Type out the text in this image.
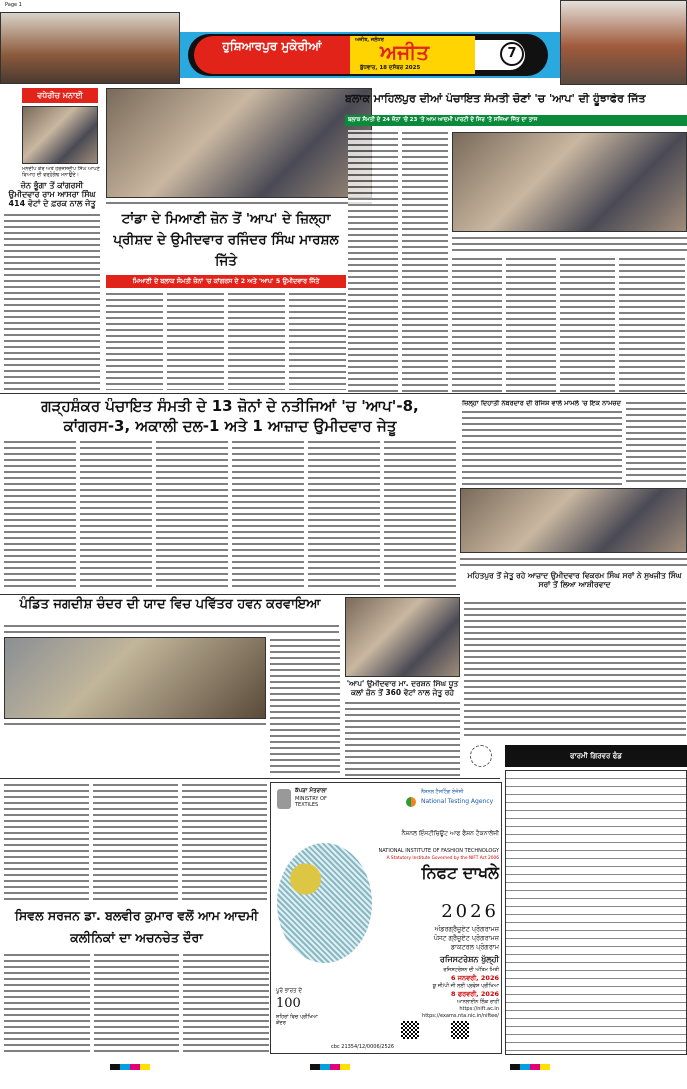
Page 1
ਹੁਸ਼ਿਆਰਪੁਰ ਮੁਕੇਰੀਆਂ	ਅਜੀਤ, ਜਲੰਧਰ
ਅਜੀਤ
ਬੁੱਧਵਾਰ, 18 ਦਸੰਬਰ 2025
7
ਵਧੇਰੀਚ ਮਨਾਈ
ਮਨਦੀਪ ਕੌਰ ਅਤੇ ਹਰਜਸਦੀਪ ਸਿੰਘ ਆਪਣੇ ਵਿਆਹ ਦੀ ਵਰ੍ਹੇਗੰਢ ਮਨਾਉਂਦੇ।
ਜ਼ੋਨ ਭੂੰਗਾ ਤੋਂ ਕਾਂਗਰਸੀ ਉਮੀਦਵਾਰ ਰਾਮ ਆਸਰਾ ਸਿੰਘ 414 ਵੋਟਾਂ ਦੇ ਫ਼ਰਕ ਨਾਲ ਜੇਤੂ
ਟਾਂਡਾ ਦੇ ਮਿਆਣੀ ਜ਼ੋਨ ਤੋਂ 'ਆਪ' ਦੇ ਜ਼ਿਲ੍ਹਾ ਪ੍ਰੀਸ਼ਦ ਦੇ ਉਮੀਦਵਾਰ ਰਜਿੰਦਰ ਸਿੰਘ ਮਾਰਸ਼ਲ ਜਿੱਤੇ
ਮਿਆਣੀ ਦੇ ਬਲਾਕ ਸੰਮਤੀ ਜ਼ੋਨਾਂ 'ਚ ਕਾਂਗਰਸ ਦੇ 2 ਅਤੇ 'ਆਪ' 5 ਉਮੀਦਵਾਰ ਜਿੱਤੇ
ਬਲਾਕ ਮਾਹਿਲਪੁਰ ਦੀਆਂ ਪੰਚਾਇਤ ਸੰਮਤੀ ਚੋਣਾਂ 'ਚ 'ਆਪ' ਦੀ ਹੂੰਝਾਫੇਰ ਜਿੱਤ
ਬਲਾਕ ਸੰਮਤੀ ਦੇ 24 ਜ਼ੋਨਾਂ 'ਚੋਂ 23 'ਤੇ ਆਮ ਆਦਮੀ ਪਾਰਟੀ ਦੇ ਸਿਰ 'ਤੇ ਸਜਿਆ ਜਿੱਤ ਦਾ ਤਾਜ
ਗੜ੍ਹਸ਼ੰਕਰ ਪੰਚਾਇਤ ਸੰਮਤੀ ਦੇ 13 ਜ਼ੋਨਾਂ ਦੇ ਨਤੀਜਿਆਂ 'ਚ 'ਆਪ'-8,
ਕਾਂਗਰਸ-3, ਅਕਾਲੀ ਦਲ-1 ਅਤੇ 1 ਆਜ਼ਾਦ ਉਮੀਦਵਾਰ ਜੇਤੂ
ਜ਼ਿਲ੍ਹਾ ਦਿਹਾਤੀ ਨੰਬਰਦਾਰ ਦੀ ਰੰਜਿਸ਼ ਵਾਲੇ ਮਾਮਲੇ 'ਚ ਇਕ ਨਾਮਜ਼ਦ
ਮਹਿਤਪੁਰ ਤੋਂ ਜੇਤੂ ਰਹੇ ਆਜ਼ਾਦ ਉਮੀਦਵਾਰ ਵਿਕਰਮ ਸਿੰਘ ਸਰਾਂ ਨੇ ਸੁਖਜੀਤ ਸਿੰਘ ਸਰਾਂ ਤੋਂ ਲਿਆ ਆਸ਼ੀਰਵਾਦ
ਪੰਡਿਤ ਜਗਦੀਸ਼ ਚੰਦਰ ਦੀ ਯਾਦ ਵਿਚ ਪਵਿੱਤਰ ਹਵਨ ਕਰਵਾਇਆ
'ਆਪ' ਉਮੀਦਵਾਰ ਮਾ. ਦਰਸ਼ਨ ਸਿੰਘ ਧੂਤ ਕਲਾਂ ਜ਼ੋਨ ਤੋਂ 360 ਵੋਟਾਂ ਨਾਲ ਜੇਤੂ ਰਹੇ
ਫਾਰਮੀ ਗਿਰਵਰ ਫੰਡ
ਸਿਵਲ ਸਰਜਨ ਡਾ. ਬਲਵੀਰ ਕੁਮਾਰ ਵਲੋਂ ਆਮ ਆਦਮੀ ਕਲੀਨਿਕਾਂ ਦਾ ਅਚਨਚੇਤ ਦੌਰਾ
ਕੱਪੜਾ ਮੰਤਰਾਲਾ
MINISTRY OF TEXTILES
ਨੈਸ਼ਨਲ ਟੈਸਟਿੰਗ ਏਜੰਸੀ
National Testing Agency
ਨੈਸ਼ਨਲ ਇੰਸਟੀਚਿਊਟ ਆਫ ਫੈਸ਼ਨ ਟੈਕਨਾਲੋਜੀ
NATIONAL INSTITUTE OF FASHION TECHNOLOGY
A Statutory Institute Governed by the NIFT Act 2006
ਨਿਫਟ ਦਾਖਲੇ
2026
ਅੰਡਰਗ੍ਰੈਜੂਏਟ ਪ੍ਰੋਗਰਾਮਜ਼
ਪੋਸਟ ਗ੍ਰੈਜੂਏਟ ਪ੍ਰੋਗਰਾਮਜ਼
ਡਾਕਟਰਲ ਪ੍ਰੋਗਰਾਮ
ਰਜਿਸਟਰੇਸ਼ਨ ਖੁੱਲ੍ਹੀ
ਰਜਿਸਟਰੇਸ਼ਨ ਦੀ ਅੰਤਿਮ ਮਿਤੀ
6 ਜਨਵਰੀ, 2026
ਯੂ ਜੀ/ਪੀ ਜੀ ਲਈ ਪ੍ਰਵੇਸ਼ ਪ੍ਰੀਖਿਆ
8 ਫਰਵਰੀ, 2026
ਆਨਲਾਈਨ ਲਿੰਕ ਰਾਹੀਂ
https://nift.ac.in
https://exams.nta.nic.in/niftee/
ਪੂਰੇ ਭਾਰਤ ਦੇ
100
ਸ਼ਹਿਰਾਂ ਵਿਚ ਪ੍ਰੀਖਿਆ ਕੇਂਦਰ
cbc 21354/12/0006/2526
